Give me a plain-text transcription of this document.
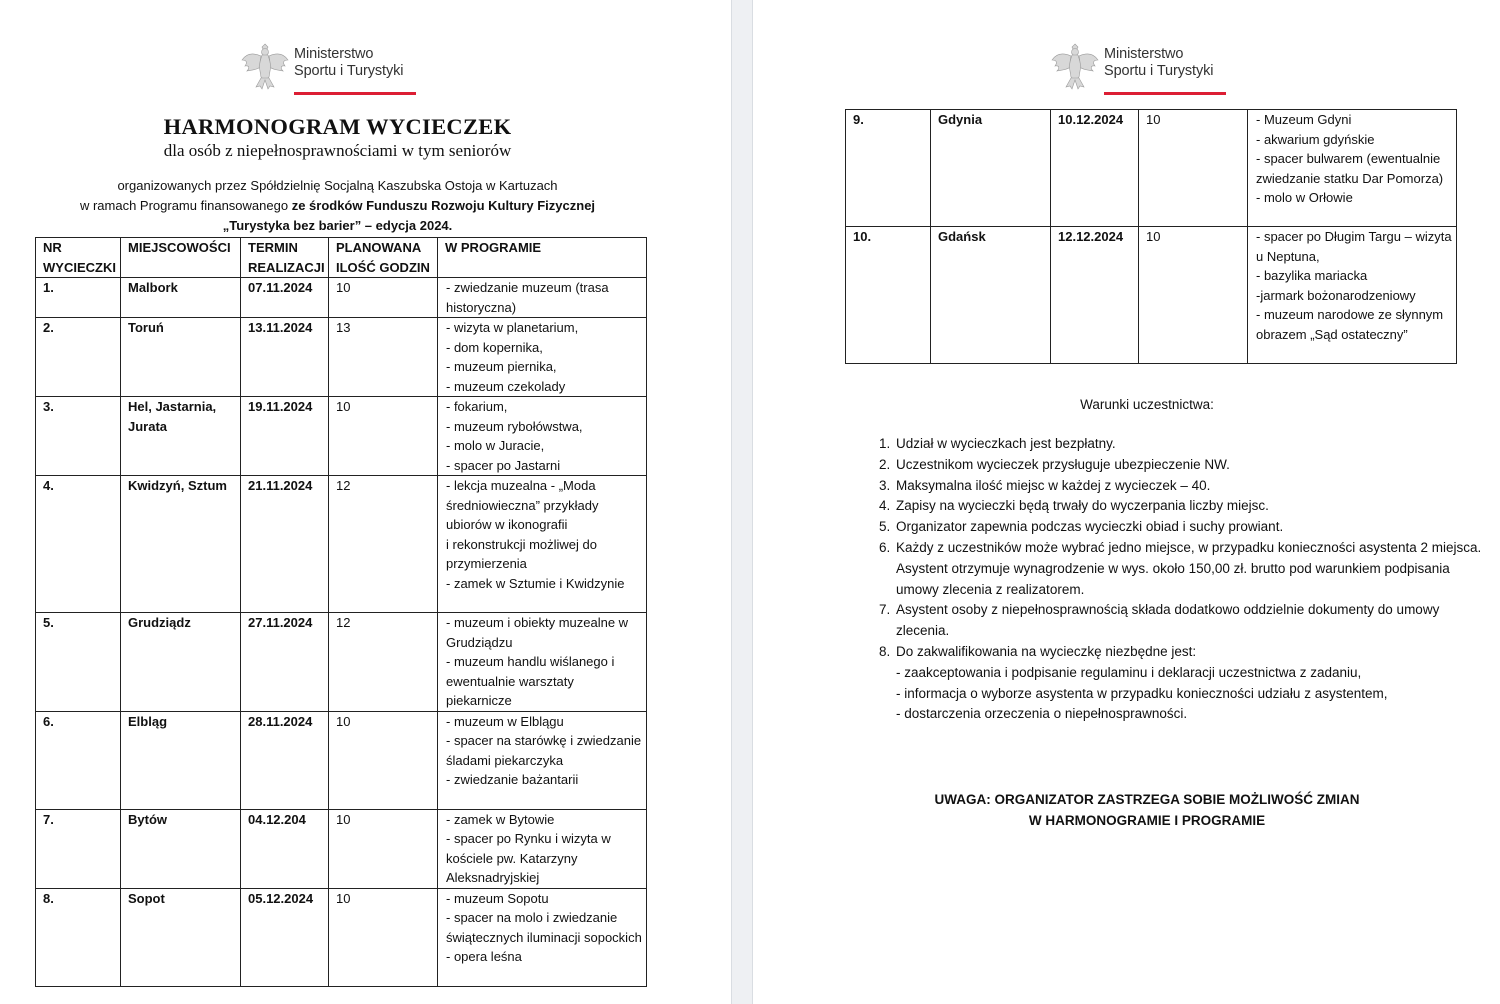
Ministerstwo
Sportu i Turystyki
HARMONOGRAM WYCIECZEK
dla osób z niepełnosprawnościami w tym seniorów
organizowanych przez Spółdzielnię Socjalną Kaszubska Ostoja w Kartuzach
w ramach Programu finansowanego ze środków Funduszu Rozwoju Kultury Fizycznej
„Turystyka bez barier” – edycja 2024.
NR WYCIECZKI	MIEJSCOWOŚCI	TERMIN REALIZACJI	PLANOWANA ILOŚĆ GODZIN	W PROGRAMIE
1.	Malbork	07.11.2024	10	- zwiedzanie muzeum (trasa historyczna)
2.	Toruń	13.11.2024	13	- wizyta w planetarium,
- dom kopernika,
- muzeum piernika,
- muzeum czekolady
3.	Hel, Jastarnia, Jurata	19.11.2024	10	- fokarium,
- muzeum rybołówstwa,
- molo w Juracie,
- spacer po Jastarni
4.	Kwidzyń, Sztum	21.11.2024	12	- lekcja muzealna - „Moda średniowieczna” przykłady ubiorów w ikonografii
i rekonstrukcji możliwej do przymierzenia
- zamek w Sztumie i Kwidzynie
5.	Grudziądz	27.11.2024	12	- muzeum i obiekty muzealne w Grudziądzu
- muzeum handlu wiślanego i ewentualnie warsztaty piekarnicze
6.	Elbląg	28.11.2024	10	- muzeum w Elblągu
- spacer na starówkę i zwiedzanie śladami piekarczyka
- zwiedzanie bażantarii
7.	Bytów	04.12.204	10	- zamek w Bytowie
- spacer po Rynku i wizyta w kościele pw. Katarzyny Aleksnadryjskiej
8.	Sopot	05.12.2024	10	- muzeum Sopotu
- spacer na molo i zwiedzanie świątecznych iluminacji sopockich
- opera leśna
Ministerstwo
Sportu i Turystyki
9.	Gdynia	10.12.2024	10	- Muzeum Gdyni
- akwarium gdyńskie
- spacer bulwarem (ewentualnie zwiedzanie statku Dar Pomorza)
- molo w Orłowie
10.	Gdańsk	12.12.2024	10	- spacer po Długim Targu – wizyta u Neptuna,
- bazylika mariacka
-jarmark bożonarodzeniowy
- muzeum narodowe ze słynnym obrazem „Sąd ostateczny”
Warunki uczestnictwa:
1. Udział w wycieczkach jest bezpłatny.
2. Uczestnikom wycieczek przysługuje ubezpieczenie NW.
3. Maksymalna ilość miejsc w każdej z wycieczek – 40.
4. Zapisy na wycieczki będą trwały do wyczerpania liczby miejsc.
5. Organizator zapewnia podczas wycieczki obiad i suchy prowiant.
6. Każdy z uczestników może wybrać jedno miejsce, w przypadku konieczności asystenta 2 miejsca. Asystent otrzymuje wynagrodzenie w wys. około 150,00 zł. brutto pod warunkiem podpisania umowy zlecenia z realizatorem.
7. Asystent osoby z niepełnosprawnością składa dodatkowo oddzielnie dokumenty do umowy zlecenia.
8. Do zakwalifikowania na wycieczkę niezbędne jest:
- zaakceptowania i podpisanie regulaminu i deklaracji uczestnictwa z zadaniu,
- informacja o wyborze asystenta w przypadku konieczności udziału z asystentem,
- dostarczenia orzeczenia o niepełnosprawności.
UWAGA: ORGANIZATOR ZASTRZEGA SOBIE MOŻLIWOŚĆ ZMIAN
W HARMONOGRAMIE I PROGRAMIE
